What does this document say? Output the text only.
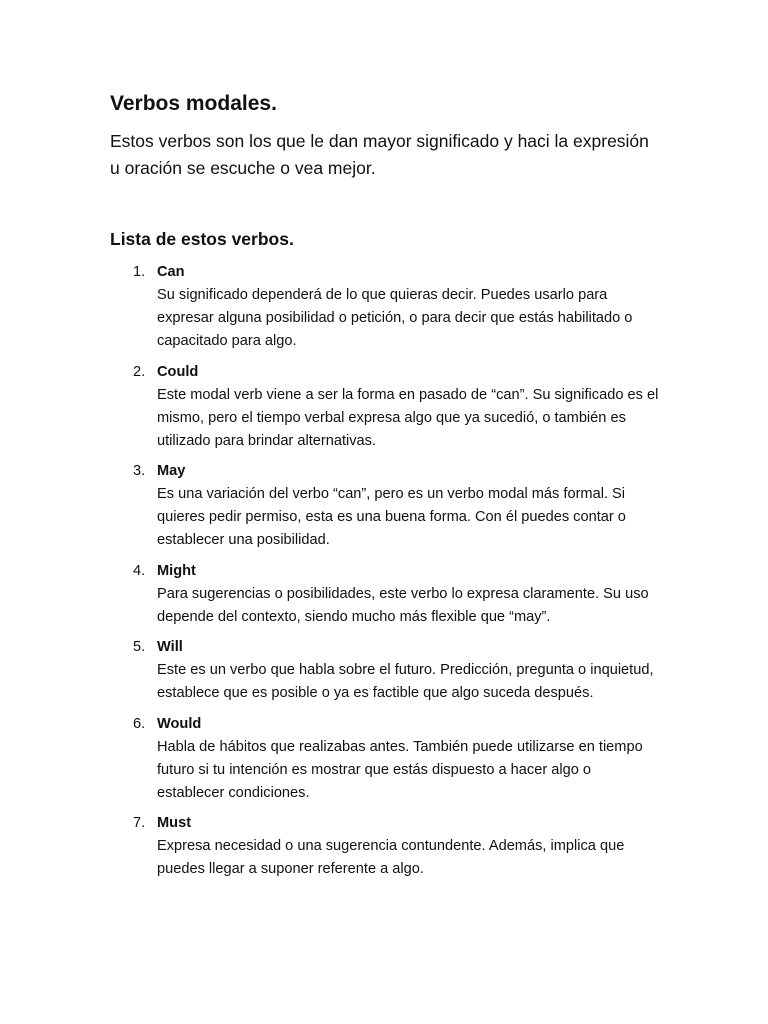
Verbos modales.

Estos verbos son los que le dan mayor significado y haci la expresión u oración se escuche o vea mejor.

Lista de estos verbos.
1. Can
Su significado dependerá de lo que quieras decir. Puedes usarlo para expresar alguna posibilidad o petición, o para decir que estás habilitado o capacitado para algo.
2. Could
Este modal verb viene a ser la forma en pasado de “can”. Su significado es el mismo, pero el tiempo verbal expresa algo que ya sucedió, o también es utilizado para brindar alternativas.
3. May
Es una variación del verbo “can”, pero es un verbo modal más formal. Si quieres pedir permiso, esta es una buena forma. Con él puedes contar o establecer una posibilidad.
4. Might
Para sugerencias o posibilidades, este verbo lo expresa claramente. Su uso depende del contexto, siendo mucho más flexible que “may”.
5. Will
Este es un verbo que habla sobre el futuro. Predicción, pregunta o inquietud, establece que es posible o ya es factible que algo suceda después.
6. Would
Habla de hábitos que realizabas antes. También puede utilizarse en tiempo futuro si tu intención es mostrar que estás dispuesto a hacer algo o establecer condiciones.
7. Must
Expresa necesidad o una sugerencia contundente. Además, implica que puedes llegar a suponer referente a algo.
